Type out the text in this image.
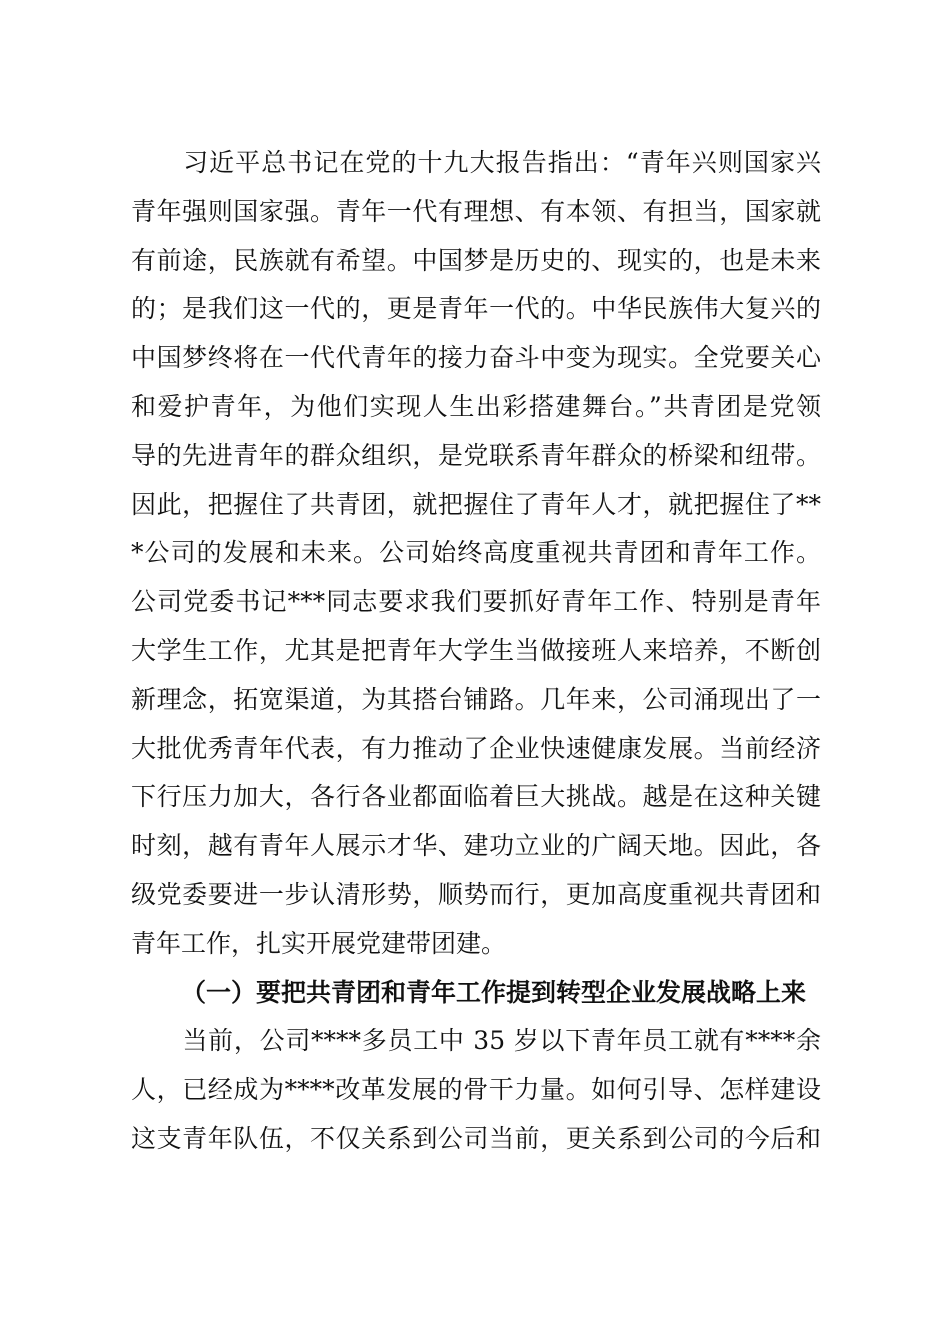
　　习近平总书记在党的十九大报告指出：“青年兴则国家兴
青年强则国家强。青年一代有理想、有本领、有担当，国家就
有前途，民族就有希望。中国梦是历史的、现实的，也是未来
的；是我们这一代的，更是青年一代的。中华民族伟大复兴的
中国梦终将在一代代青年的接力奋斗中变为现实。全党要关心
和爱护青年，为他们实现人生出彩搭建舞台。”共青团是党领
导的先进青年的群众组织，是党联系青年群众的桥梁和纽带。
因此，把握住了共青团，就把握住了青年人才，就把握住了**
*公司的发展和未来。公司始终高度重视共青团和青年工作。
公司党委书记***同志要求我们要抓好青年工作、特别是青年
大学生工作，尤其是把青年大学生当做接班人来培养，不断创
新理念，拓宽渠道，为其搭台铺路。几年来，公司涌现出了一
大批优秀青年代表，有力推动了企业快速健康发展。当前经济
下行压力加大，各行各业都面临着巨大挑战。越是在这种关键
时刻，越有青年人展示才华、建功立业的广阔天地。因此，各
级党委要进一步认清形势，顺势而行，更加高度重视共青团和
青年工作，扎实开展党建带团建。
（一）要把共青团和青年工作提到转型企业发展战略上来
　　当前，公司****多员工中 35 岁以下青年员工就有****余
人，已经成为****改革发展的骨干力量。如何引导、怎样建设
这支青年队伍，不仅关系到公司当前，更关系到公司的今后和
